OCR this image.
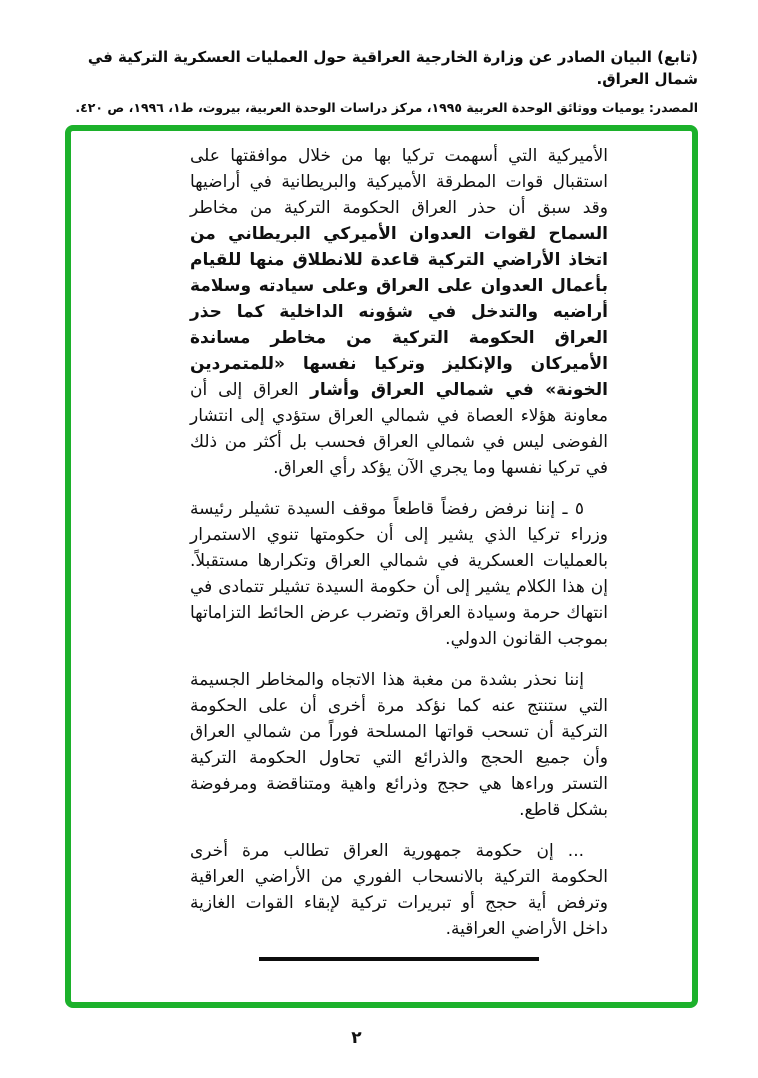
(تابع) البيان الصادر عن وزارة الخارجية العراقية حول العمليات العسكرية التركية في شمال العراق.
المصدر: يوميات ووثائق الوحدة العربية ١٩٩٥، مركز دراسات الوحدة العربية، بيروت، ط١، ١٩٩٦، ص ٤٢٠.

الأميركية التي أسهمت تركيا بها من خلال موافقتها على استقبال قوات المطرقة الأميركية والبريطانية في أراضيها وقد سبق أن حذر العراق الحكومة التركية من مخاطر السماح لقوات العدوان الأميركي البريطاني من اتخاذ الأراضي التركية قاعدة للانطلاق منها للقيام بأعمال العدوان على العراق وعلى سيادته وسلامة أراضيه والتدخل في شؤونه الداخلية كما حذر العراق الحكومة التركية من مخاطر مساندة الأميركان والإنكليز وتركيا نفسها «للمتمردين الخونة» في شمالي العراق وأشار العراق إلى أن معاونة هؤلاء العصاة في شمالي العراق ستؤدي إلى انتشار الفوضى ليس في شمالي العراق فحسب بل أكثر من ذلك في تركيا نفسها وما يجري الآن يؤكد رأي العراق.

٥ ـ إننا نرفض رفضاً قاطعاً موقف السيدة تشيلر رئيسة وزراء تركيا الذي يشير إلى أن حكومتها تنوي الاستمرار بالعمليات العسكرية في شمالي العراق وتكرارها مستقبلاً. إن هذا الكلام يشير إلى أن حكومة السيدة تشيلر تتمادى في انتهاك حرمة وسيادة العراق وتضرب عرض الحائط التزاماتها بموجب القانون الدولي.

إننا نحذر بشدة من مغبة هذا الاتجاه والمخاطر الجسيمة التي ستنتج عنه كما نؤكد مرة أخرى أن على الحكومة التركية أن تسحب قواتها المسلحة فوراً من شمالي العراق وأن جميع الحجج والذرائع التي تحاول الحكومة التركية التستر وراءها هي حجج وذرائع واهية ومتناقضة ومرفوضة بشكل قاطع.

... إن حكومة جمهورية العراق تطالب مرة أخرى الحكومة التركية بالانسحاب الفوري من الأراضي العراقية وترفض أية حجج أو تبريرات تركية لإبقاء القوات الغازية داخل الأراضي العراقية.

٢
